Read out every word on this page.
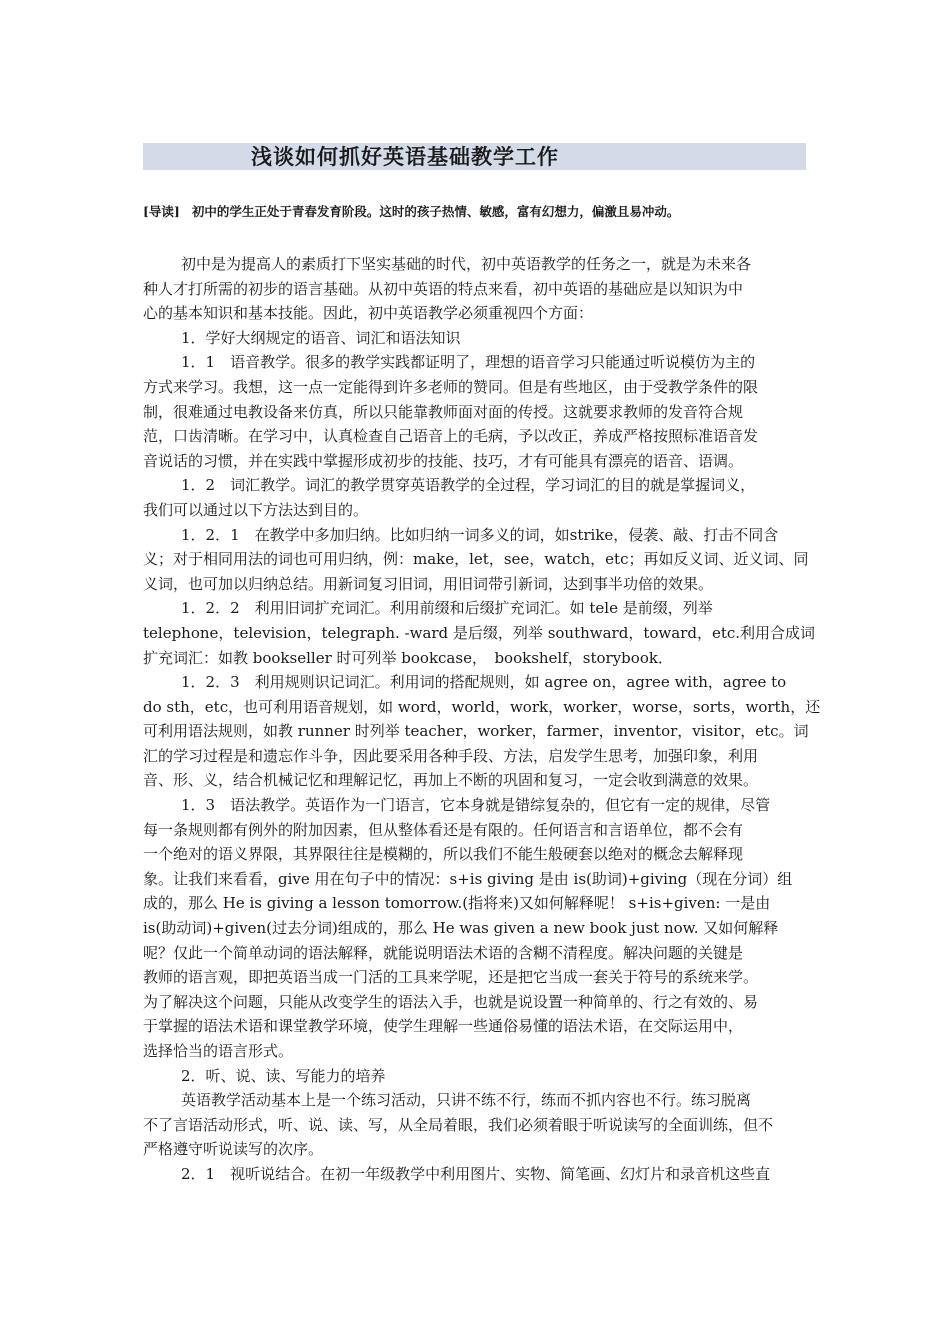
浅谈如何抓好英语基础教学工作
[导读] 初中的学生正处于青春发育阶段。这时的孩子热情、敏感，富有幻想力，偏激且易冲动。
初中是为提高人的素质打下坚实基础的时代，初中英语教学的任务之一，就是为未来各
种人才打所需的初步的语言基础。从初中英语的特点来看，初中英语的基础应是以知识为中
心的基本知识和基本技能。因此，初中英语教学必须重视四个方面：
1．学好大纲规定的语音、词汇和语法知识
1．1　语音教学。很多的教学实践都证明了，理想的语音学习只能通过听说模仿为主的
方式来学习。我想，这一点一定能得到许多老师的赞同。但是有些地区，由于受教学条件的限
制，很难通过电教设备来仿真，所以只能靠教师面对面的传授。这就要求教师的发音符合规
范，口齿清晰。在学习中，认真检查自己语音上的毛病，予以改正，养成严格按照标准语音发
音说话的习惯，并在实践中掌握形成初步的技能、技巧，才有可能具有漂亮的语音、语调。
1．2　词汇教学。词汇的教学贯穿英语教学的全过程，学习词汇的目的就是掌握词义，
我们可以通过以下方法达到目的。
1．2．1　在教学中多加归纳。比如归纳一词多义的词，如strike，侵袭、敲、打击不同含
义；对于相同用法的词也可用归纳，例：make，let，see，watch，etc；再如反义词、近义词、同
义词，也可加以归纳总结。用新词复习旧词，用旧词带引新词，达到事半功倍的效果。
1．2．2　利用旧词扩充词汇。利用前缀和后缀扩充词汇。如 tele 是前缀，列举
telephone，television，telegraph. -ward 是后缀，列举 southward，toward，etc.利用合成词
扩充词汇：如教 bookseller 时可列举 bookcase，　bookshelf，storybook．
1．2．3　利用规则识记词汇。利用词的搭配规则，如 agree on，agree with，agree to
do sth，etc，也可利用语音规划，如 word，world，work，worker，worse，sorts，worth，还
可利用语法规则，如教 runner 时列举 teacher，worker，farmer，inventor，visitor，etc。词
汇的学习过程是和遗忘作斗争，因此要采用各种手段、方法，启发学生思考，加强印象，利用
音、形、义，结合机械记忆和理解记忆，再加上不断的巩固和复习，一定会收到满意的效果。
1．3　语法教学。英语作为一门语言，它本身就是错综复杂的，但它有一定的规律，尽管
每一条规则都有例外的附加因素，但从整体看还是有限的。任何语言和言语单位，都不会有
一个绝对的语义界限，其界限往往是模糊的，所以我们不能生般硬套以绝对的概念去解释现
象。让我们来看看，give 用在句子中的情况：s+is giving 是由 is(助词)+giving（现在分词）组
成的，那么 He is giving a lesson tomorrow.(指将来)又如何解释呢！ s+is+given: 一是由
is(助动词)+given(过去分词)组成的，那么 He was given a new book just now. 又如何解释
呢？仅此一个简单动词的语法解释，就能说明语法术语的含糊不清程度。解决问题的关键是
教师的语言观，即把英语当成一门活的工具来学呢，还是把它当成一套关于符号的系统来学。
为了解决这个问题，只能从改变学生的语法入手，也就是说设置一种简单的、行之有效的、易
于掌握的语法术语和课堂教学环境，使学生理解一些通俗易懂的语法术语，在交际运用中，
选择恰当的语言形式。
2．听、说、读、写能力的培养
英语教学活动基本上是一个练习活动，只讲不练不行，练而不抓内容也不行。练习脱离
不了言语活动形式，听、说、读、写，从全局着眼，我们必须着眼于听说读写的全面训练，但不
严格遵守听说读写的次序。
2．1　视听说结合。在初一年级教学中利用图片、实物、简笔画、幻灯片和录音机这些直
